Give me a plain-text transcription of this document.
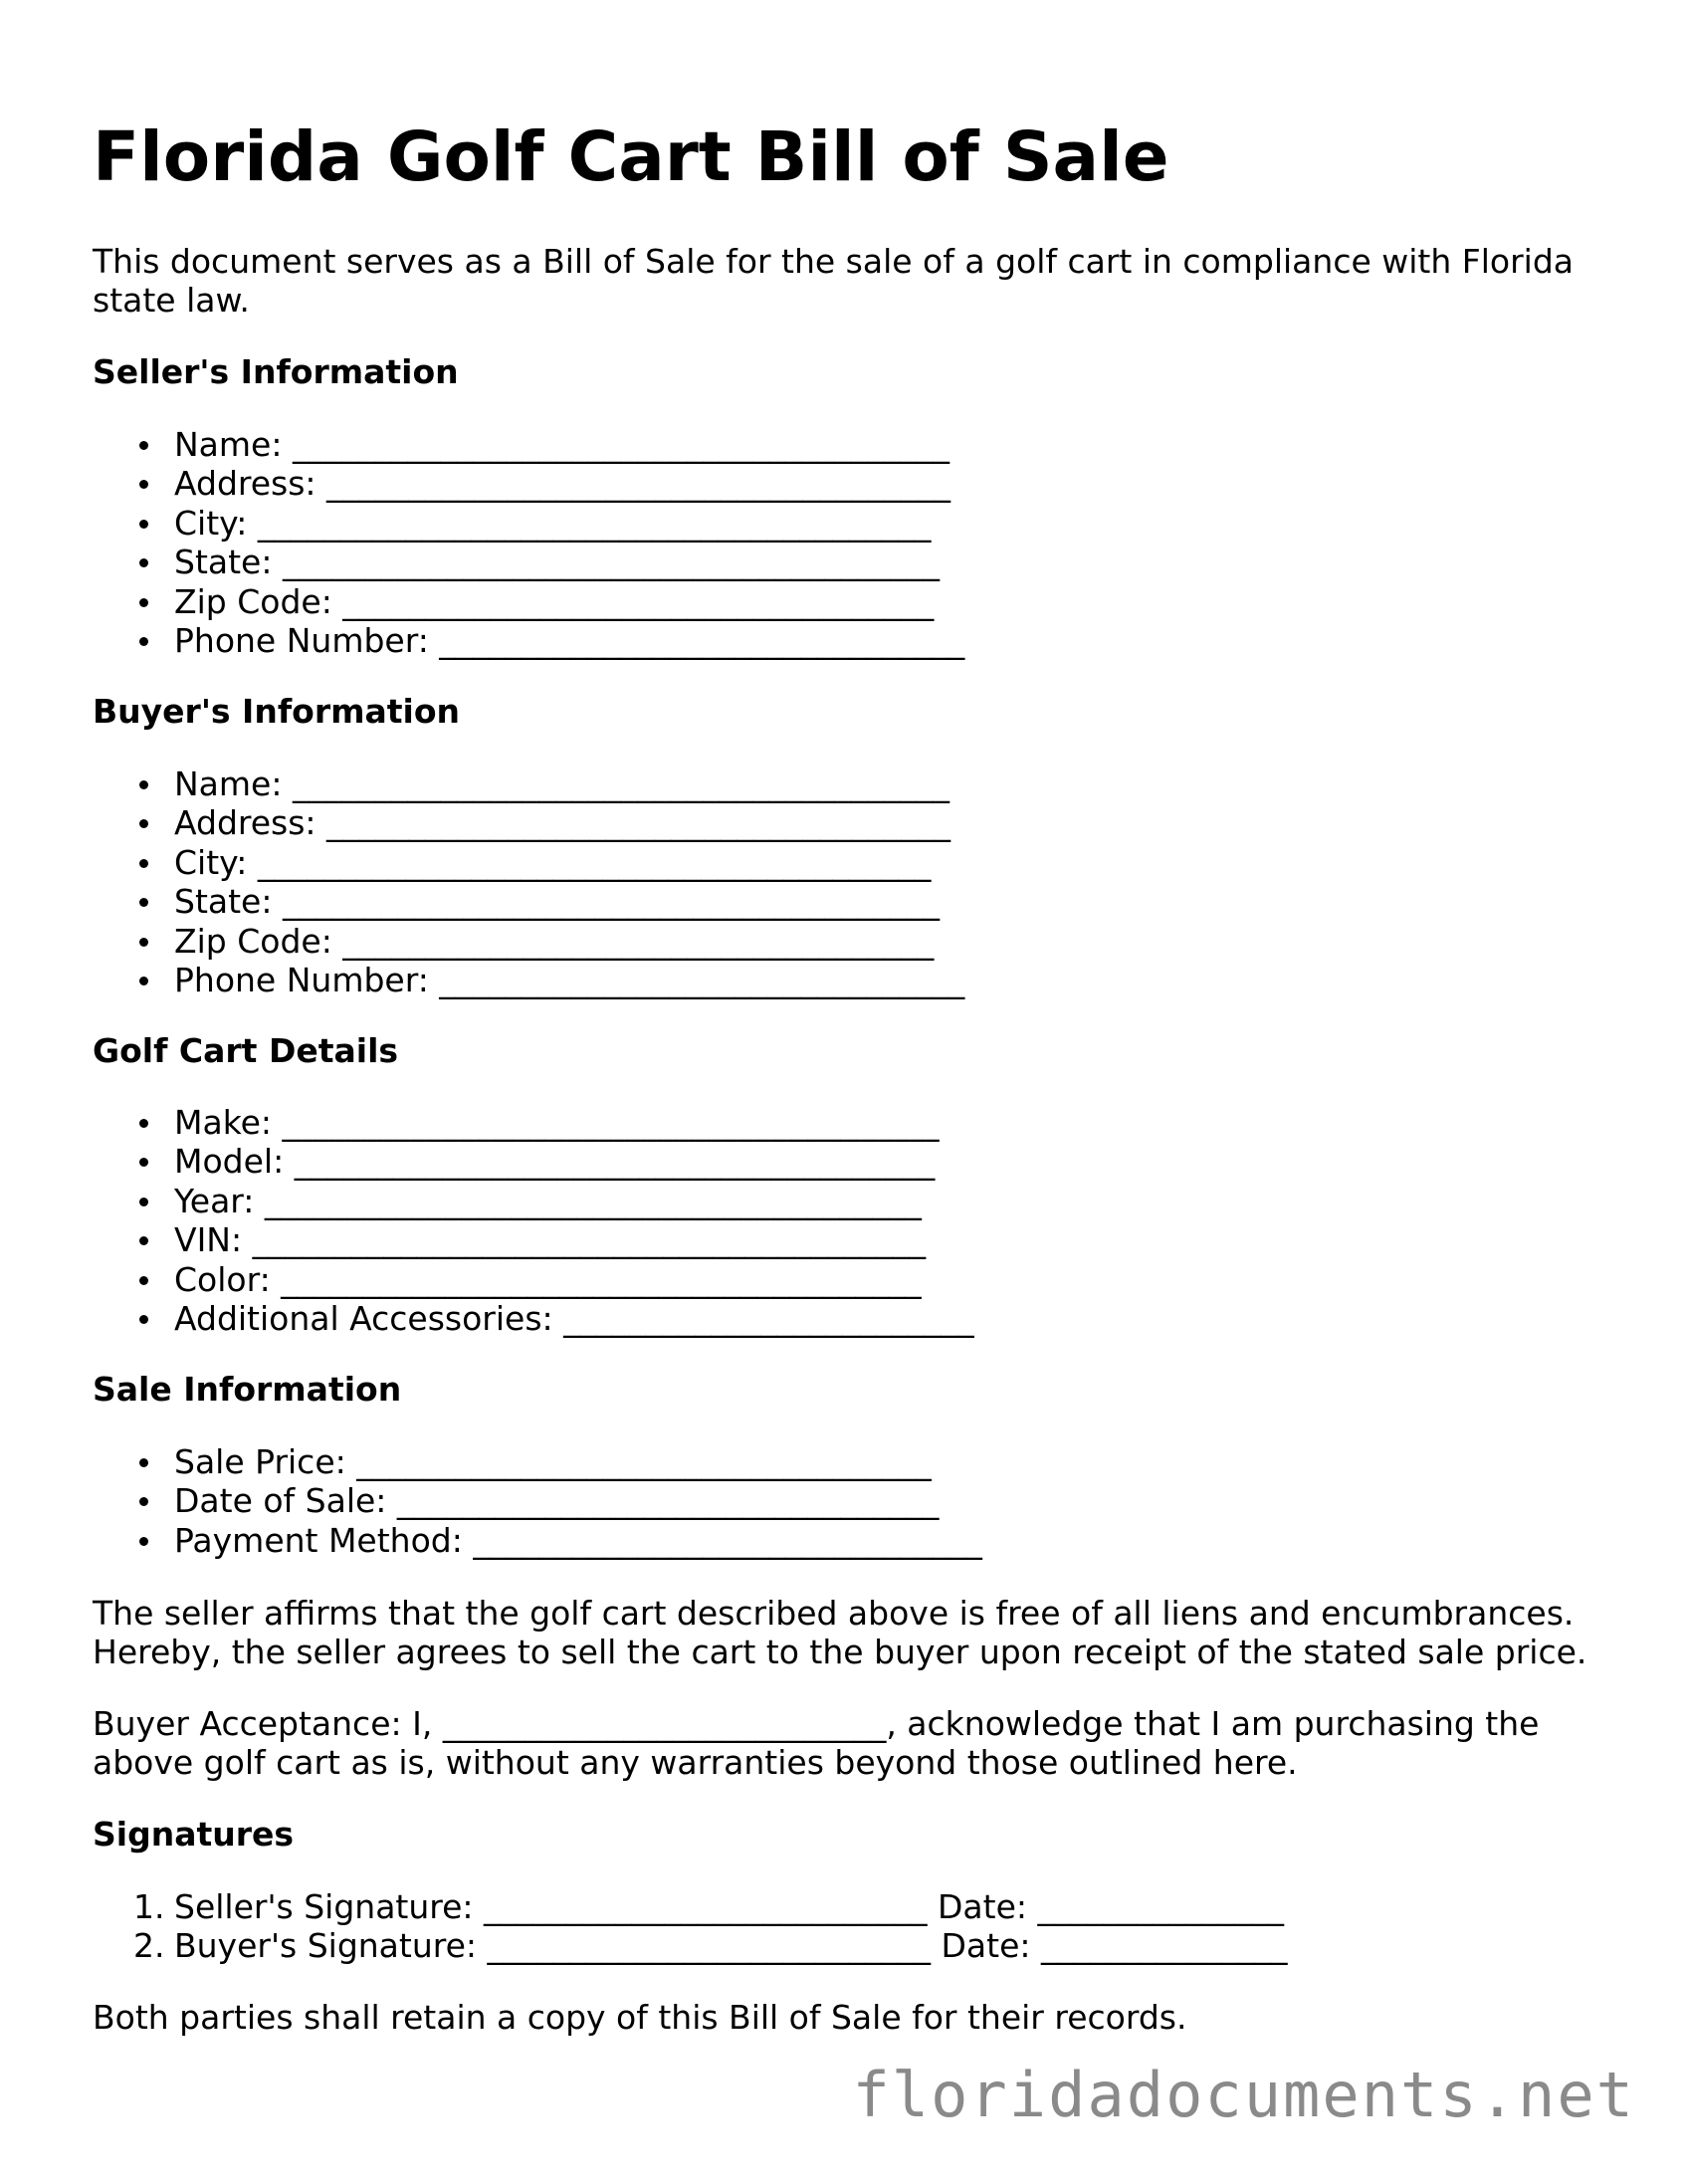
Florida Golf Cart Bill of Sale

This document serves as a Bill of Sale for the sale of a golf cart in compliance with Florida state law.

Seller's Information
Name: ________________________________________
Address: ______________________________________
City: _________________________________________
State: ________________________________________
Zip Code: ____________________________________
Phone Number: ________________________________
Buyer's Information
Name: ________________________________________
Address: ______________________________________
City: _________________________________________
State: ________________________________________
Zip Code: ____________________________________
Phone Number: ________________________________
Golf Cart Details
Make: ________________________________________
Model: _______________________________________
Year: ________________________________________
VIN: _________________________________________
Color: _______________________________________
Additional Accessories: _________________________
Sale Information
Sale Price: ___________________________________
Date of Sale: _________________________________
Payment Method: _______________________________

The seller affirms that the golf cart described above is free of all liens and encumbrances. Hereby, the seller agrees to sell the cart to the buyer upon receipt of the stated sale price.

Buyer Acceptance: I, ___________________________, acknowledge that I am purchasing the above golf cart as is, without any warranties beyond those outlined here.

Signatures
1. Seller's Signature: ___________________________ Date: _______________
2. Buyer's Signature: ___________________________ Date: _______________

Both parties shall retain a copy of this Bill of Sale for their records.

floridadocuments.net
